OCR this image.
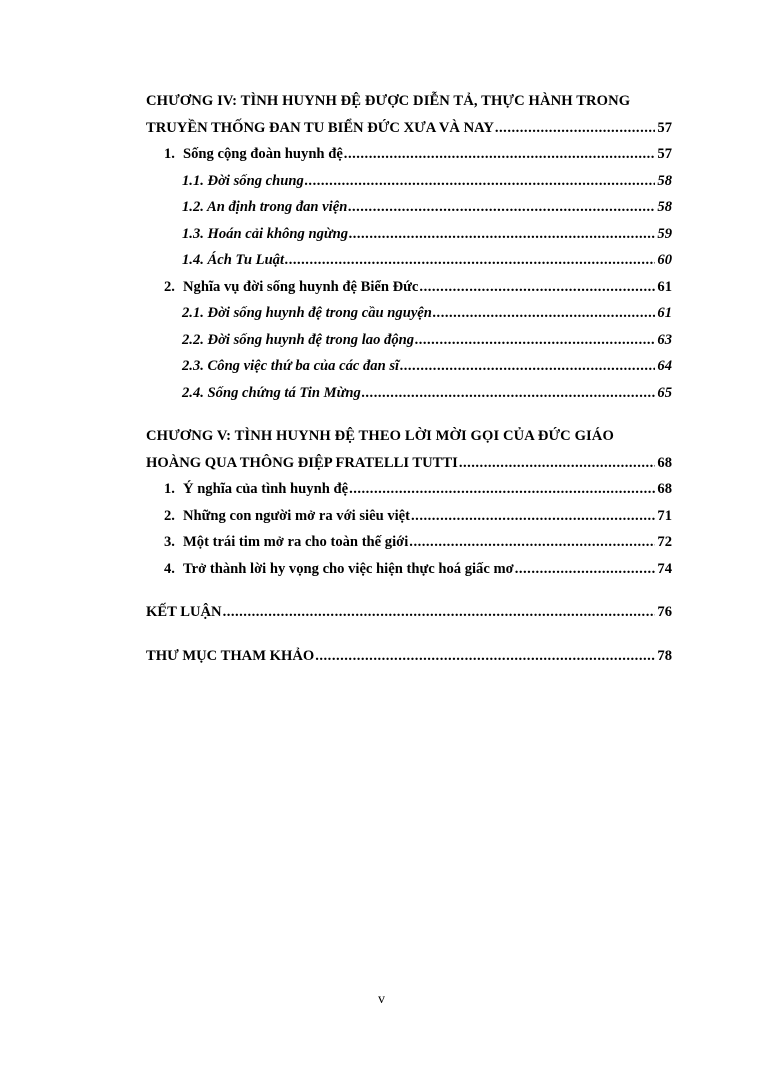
CHƯƠNG IV: TÌNH HUYNH ĐỆ ĐƯỢC DIỄN TẢ, THỰC HÀNH TRONG
TRUYỀN THỐNG ĐAN TU BIỂN ĐỨC XƯA VÀ NAY .....	57
1. Sống cộng đoàn huynh đệ .....	57
1.1. Đời sống chung .....	58
1.2. An định trong đan viện .....	58
1.3. Hoán cải không ngừng .....	59
1.4. Ách Tu Luật .....	60
2. Nghĩa vụ đời sống huynh đệ Biển Đức .....	61
2.1. Đời sống huynh đệ trong cầu nguyện .....	61
2.2. Đời sống huynh đệ trong lao động .....	63
2.3. Công việc thứ ba của các đan sĩ .....	64
2.4. Sống chứng tá Tin Mừng .....	65
CHƯƠNG V: TÌNH HUYNH ĐỆ THEO LỜI MỜI GỌI CỦA ĐỨC GIÁO
HOÀNG QUA THÔNG ĐIỆP FRATELLI TUTTI .....	68
1. Ý nghĩa của tình huynh đệ .....	68
2. Những con người mở ra với siêu việt .....	71
3. Một trái tim mở ra cho toàn thế giới .....	72
4. Trở thành lời hy vọng cho việc hiện thực hoá giấc mơ .....	74
KẾT LUẬN .....	76
THƯ MỤC THAM KHẢO .....	78
v
